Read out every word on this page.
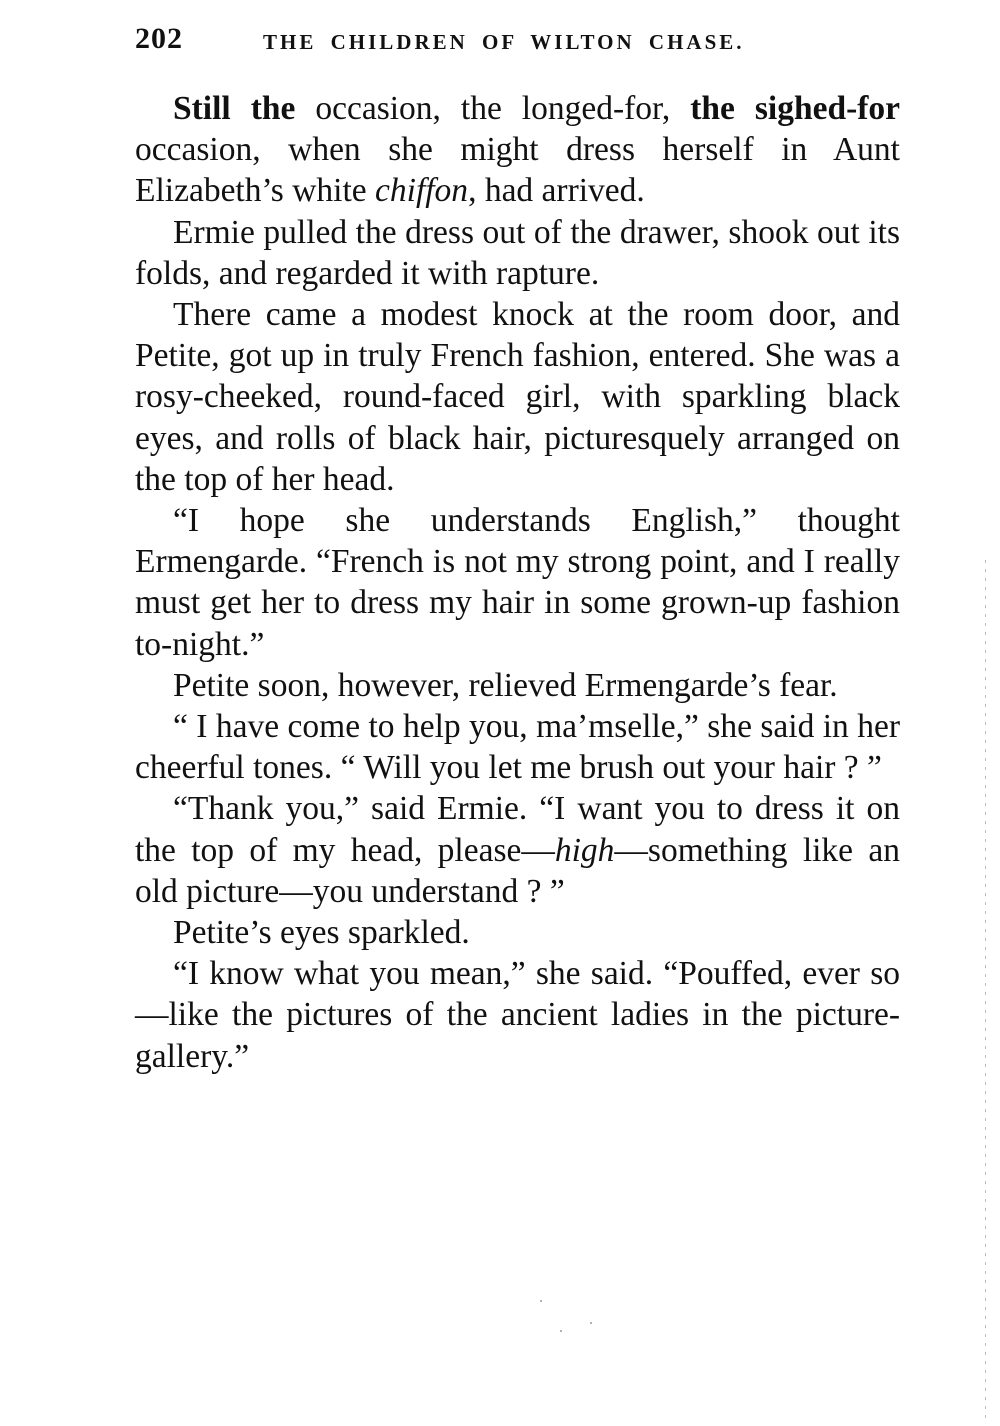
202	THE CHILDREN OF WILTON CHASE.

Still the occasion, the longed-for, the sighed-for occasion, when she might dress herself in Aunt Elizabeth’s white chiffon, had arrived.

Ermie pulled the dress out of the drawer, shook out its folds, and regarded it with rapture.

There came a modest knock at the room door, and Petite, got up in truly French fashion, entered. She was a rosy-cheeked, round-faced girl, with sparkling black eyes, and rolls of black hair, picturesquely arranged on the top of her head.

“I hope she understands English,” thought Ermengarde. “French is not my strong point, and I really must get her to dress my hair in some grown-up fashion to-night.”

Petite soon, however, relieved Ermengarde’s fear.

“ I have come to help you, ma’mselle,” she said in her cheerful tones. “ Will you let me brush out your hair ? ”

“Thank you,” said Ermie. “I want you to dress it on the top of my head, please—high—something like an old picture—you understand ? ”

Petite’s eyes sparkled.

“I know what you mean,” she said. “Pouffed, ever so—like the pictures of the ancient ladies in the picture-gallery.”
